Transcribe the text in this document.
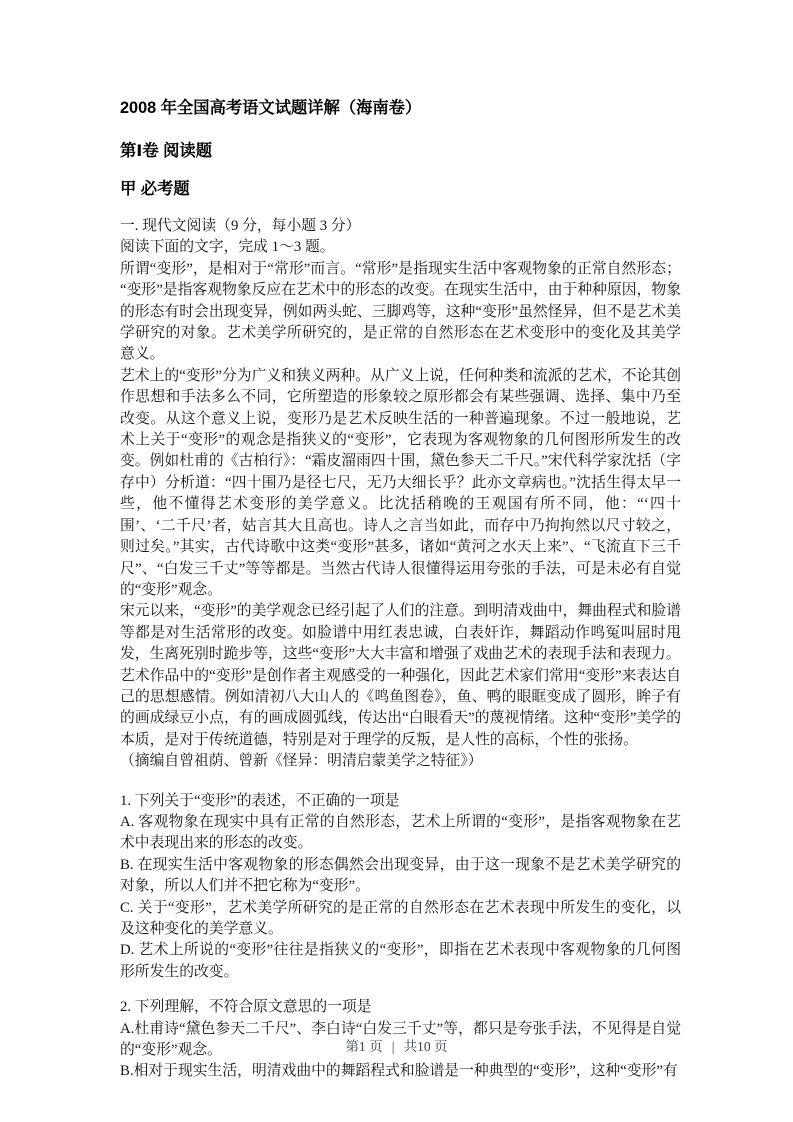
2008 年全国高考语文试题详解（海南卷）
第Ⅰ卷 阅读题
甲 必考题

一. 现代文阅读（9 分，每小题 3 分）

阅读下面的文字，完成 1～3 题。

所谓“变形”，是相对于“常形”而言。“常形”是指现实生活中客观物象的正常自然形态；“变形”是指客观物象反应在艺术中的形态的改变。在现实生活中，由于种种原因，物象的形态有时会出现变异，例如两头蛇、三脚鸡等，这种“变形”虽然怪异，但不是艺术美学研究的对象。艺术美学所研究的，是正常的自然形态在艺术变形中的变化及其美学意义。

艺术上的“变形”分为广义和狭义两种。从广义上说，任何种类和流派的艺术，不论其创作思想和手法多么不同，它所塑造的形象较之原形都会有某些强调、选择、集中乃至改变。从这个意义上说，变形乃是艺术反映生活的一种普遍现象。不过一般地说，艺术上关于“变形”的观念是指狭义的“变形”，它表现为客观物象的几何图形所发生的改变。例如杜甫的《古柏行》：“霜皮溜雨四十围，黛色参天二千尺。”宋代科学家沈括（字存中）分析道：“四十围乃是径七尺，无乃大细长乎？此亦文章病也。”沈括生得太早一些，他不懂得艺术变形的美学意义。比沈括稍晚的王观国有所不同，他：“‘四十围’、‘二千尺’者，姑言其大且高也。诗人之言当如此，而存中乃拘拘然以尺寸较之，则过矣。”其实，古代诗歌中这类“变形”甚多，诸如“黄河之水天上来”、“飞流直下三千尺”、“白发三千丈”等等都是。当然古代诗人很懂得运用夸张的手法，可是未必有自觉的“变形”观念。

宋元以来，“变形”的美学观念已经引起了人们的注意。到明清戏曲中，舞曲程式和脸谱等都是对生活常形的改变。如脸谱中用红表忠诚，白表奸诈，舞蹈动作鸣冤叫屈时甩发，生离死别时跪步等，这些“变形”大大丰富和增强了戏曲艺术的表现手法和表现力。

艺术作品中的“变形”是创作者主观感受的一种强化，因此艺术家们常用“变形”来表达自己的思想感情。例如清初八大山人的《鸣鱼图卷》，鱼、鸭的眼眶变成了圆形，眸子有的画成绿豆小点，有的画成圆弧线，传达出“白眼看天”的蔑视情绪。这种“变形”美学的本质，是对于传统道德，特别是对于理学的反叛，是人性的高标，个性的张扬。

（摘编自曾祖荫、曾新《怪异：明清启蒙美学之特征》）

1. 下列关于“变形”的表述，不正确的一项是

A. 客观物象在现实中具有正常的自然形态，艺术上所谓的“变形”，是指客观物象在艺术中表现出来的形态的改变。

B. 在现实生活中客观物象的形态偶然会出现变异，由于这一现象不是艺术美学研究的对象，所以人们并不把它称为“变形”。

C. 关于“变形”，艺术美学所研究的是正常的自然形态在艺术表现中所发生的变化，以及这种变化的美学意义。

D. 艺术上所说的“变形”往往是指狭义的“变形”，即指在艺术表现中客观物象的几何图形所发生的改变。

2. 下列理解，不符合原文意思的一项是

A.杜甫诗“黛色参天二千尺”、李白诗“白发三千丈”等，都只是夸张手法，不见得是自觉的“变形”观念。

B.相对于现实生活，明清戏曲中的舞蹈程式和脸谱是一种典型的“变形”，这种“变形”有

第1 页 | 共10 页
